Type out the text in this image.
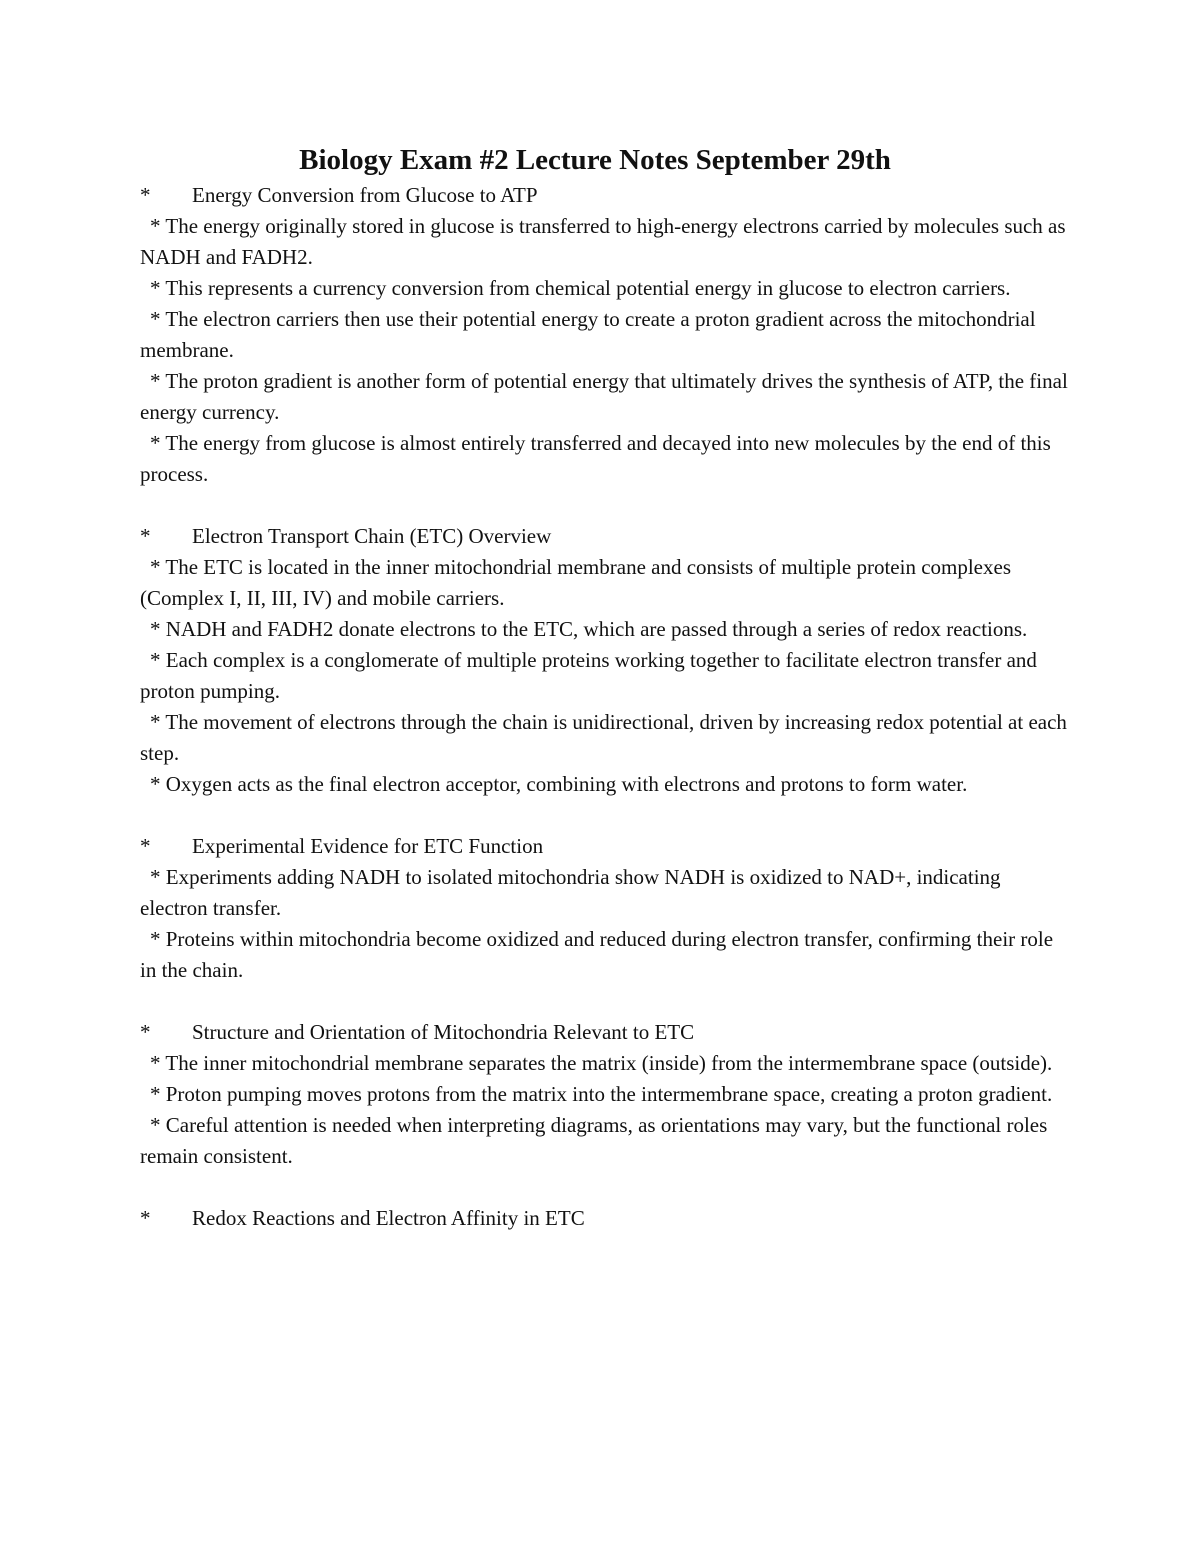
Biology Exam #2 Lecture Notes September 29th

* Energy Conversion from Glucose to ATP

* The energy originally stored in glucose is transferred to high-energy electrons carried by molecules such as NADH and FADH2.

* This represents a currency conversion from chemical potential energy in glucose to electron carriers.

* The electron carriers then use their potential energy to create a proton gradient across the mitochondrial membrane.

* The proton gradient is another form of potential energy that ultimately drives the synthesis of ATP, the final energy currency.

* The energy from glucose is almost entirely transferred and decayed into new molecules by the end of this process.

* Electron Transport Chain (ETC) Overview

* The ETC is located in the inner mitochondrial membrane and consists of multiple protein complexes (Complex I, II, III, IV) and mobile carriers.

* NADH and FADH2 donate electrons to the ETC, which are passed through a series of redox reactions.

* Each complex is a conglomerate of multiple proteins working together to facilitate electron transfer and proton pumping.

* The movement of electrons through the chain is unidirectional, driven by increasing redox potential at each step.

* Oxygen acts as the final electron acceptor, combining with electrons and protons to form water.

* Experimental Evidence for ETC Function

* Experiments adding NADH to isolated mitochondria show NADH is oxidized to NAD+, indicating electron transfer.

* Proteins within mitochondria become oxidized and reduced during electron transfer, confirming their role in the chain.

* Structure and Orientation of Mitochondria Relevant to ETC

* The inner mitochondrial membrane separates the matrix (inside) from the intermembrane space (outside).

* Proton pumping moves protons from the matrix into the intermembrane space, creating a proton gradient.

* Careful attention is needed when interpreting diagrams, as orientations may vary, but the functional roles remain consistent.

* Redox Reactions and Electron Affinity in ETC
